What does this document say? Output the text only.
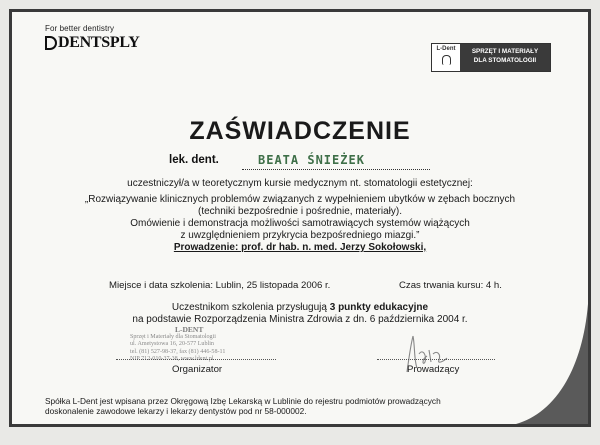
For better dentistry
DENTSPLY	L-Dent	SPRZĘT I MATERIAŁY
DLA STOMATOLOGII
ZAŚWIADCZENIE
lek. dent.	BEATA ŚNIEŻEK
uczestniczył/a w teoretycznym kursie medycznym nt. stomatologii estetycznej:
„Rozwiązywanie klinicznych problemów związanych z wypełnieniem ubytków w zębach bocznych
(techniki bezpośrednie i pośrednie, materiały).
Omówienie i demonstracja możliwości samotrawiących systemów wiążących
z uwzględnieniem przykrycia bezpośredniego miazgi.”
Prowadzenie: prof. dr hab. n. med. Jerzy Sokołowski,
Miejsce i data szkolenia: Lublin, 25 listopada 2006 r.	Czas trwania kursu: 4 h.
Uczestnikom szkolenia przysługują 3 punkty edukacyjne
na podstawie Rozporządzenia Ministra Zdrowia z dn. 6 października 2004 r.
L-DENT
Sprzęt i Materiały dla Stomatologii
ul. Ametystowa 16, 20-577 Lublin
tel. (81) 527-98-37, fax (81) 446-58-11
NIP 712-010-37-38, www.ldent.pl
Organizator	Prowadzący
Spółka L-Dent jest wpisana przez Okręgową Izbę Lekarską w Lublinie do rejestru podmiotów prowadzących
doskonalenie zawodowe lekarzy i lekarzy dentystów pod nr 58-000002.
